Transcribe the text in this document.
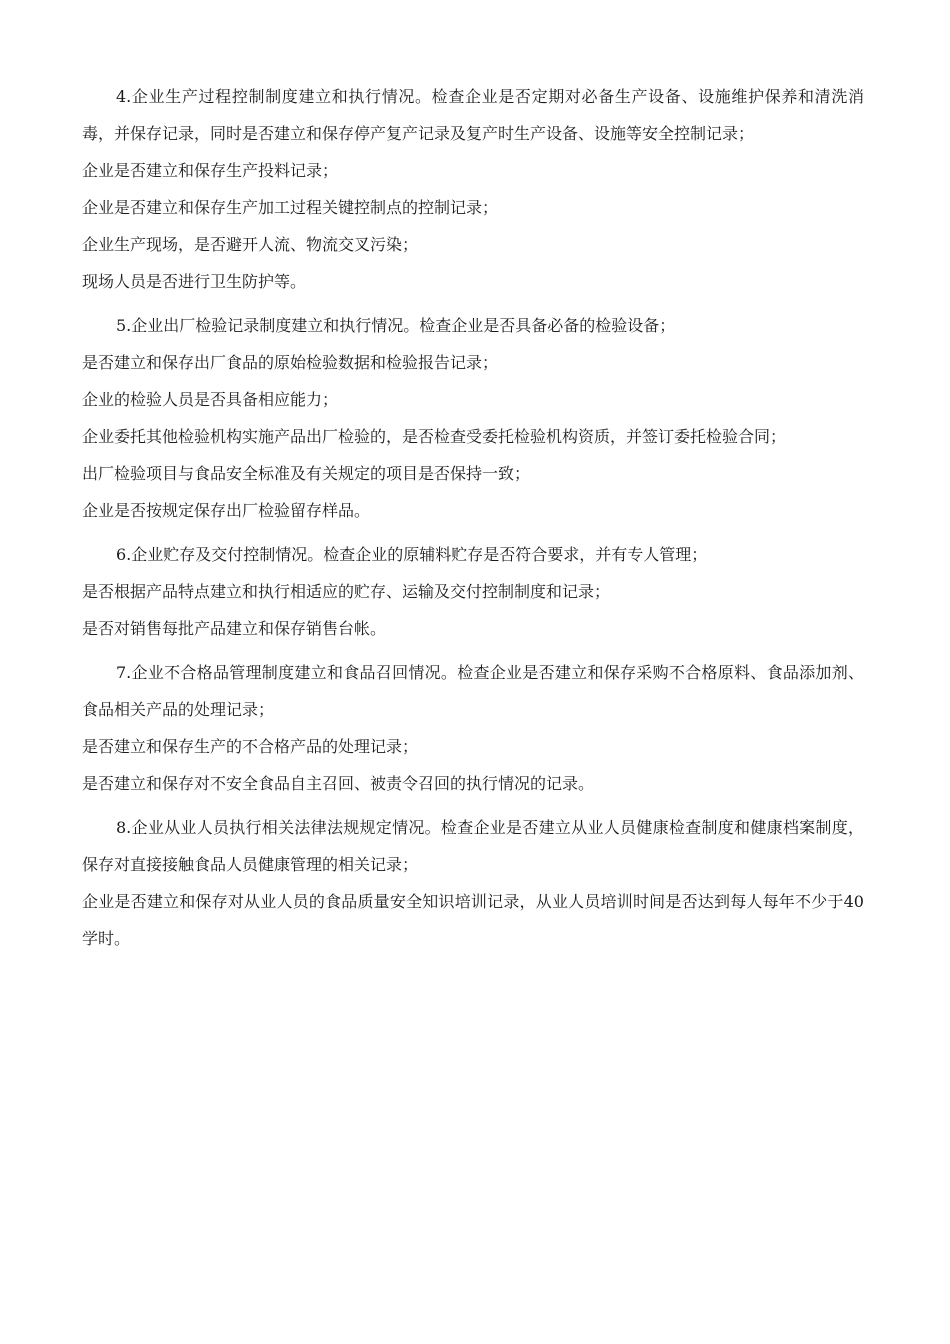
4.企业生产过程控制制度建立和执行情况。检查企业是否定期对必备生产设备、设施维护保养和清洗消毒，并保存记录，同时是否建立和保存停产复产记录及复产时生产设备、设施等安全控制记录；

企业是否建立和保存生产投料记录；

企业是否建立和保存生产加工过程关键控制点的控制记录；

企业生产现场，是否避开人流、物流交叉污染；

现场人员是否进行卫生防护等。

5.企业出厂检验记录制度建立和执行情况。检查企业是否具备必备的检验设备；

是否建立和保存出厂食品的原始检验数据和检验报告记录；

企业的检验人员是否具备相应能力；

企业委托其他检验机构实施产品出厂检验的，是否检查受委托检验机构资质，并签订委托检验合同；

出厂检验项目与食品安全标准及有关规定的项目是否保持一致；

企业是否按规定保存出厂检验留存样品。

6.企业贮存及交付控制情况。检查企业的原辅料贮存是否符合要求，并有专人管理；

是否根据产品特点建立和执行相适应的贮存、运输及交付控制制度和记录；

是否对销售每批产品建立和保存销售台帐。

7.企业不合格品管理制度建立和食品召回情况。检查企业是否建立和保存采购不合格原料、食品添加剂、食品相关产品的处理记录；

是否建立和保存生产的不合格产品的处理记录；

是否建立和保存对不安全食品自主召回、被责令召回的执行情况的记录。

8.企业从业人员执行相关法律法规规定情况。检查企业是否建立从业人员健康检查制度和健康档案制度，保存对直接接触食品人员健康管理的相关记录；

企业是否建立和保存对从业人员的食品质量安全知识培训记录，从业人员培训时间是否达到每人每年不少于40学时。
